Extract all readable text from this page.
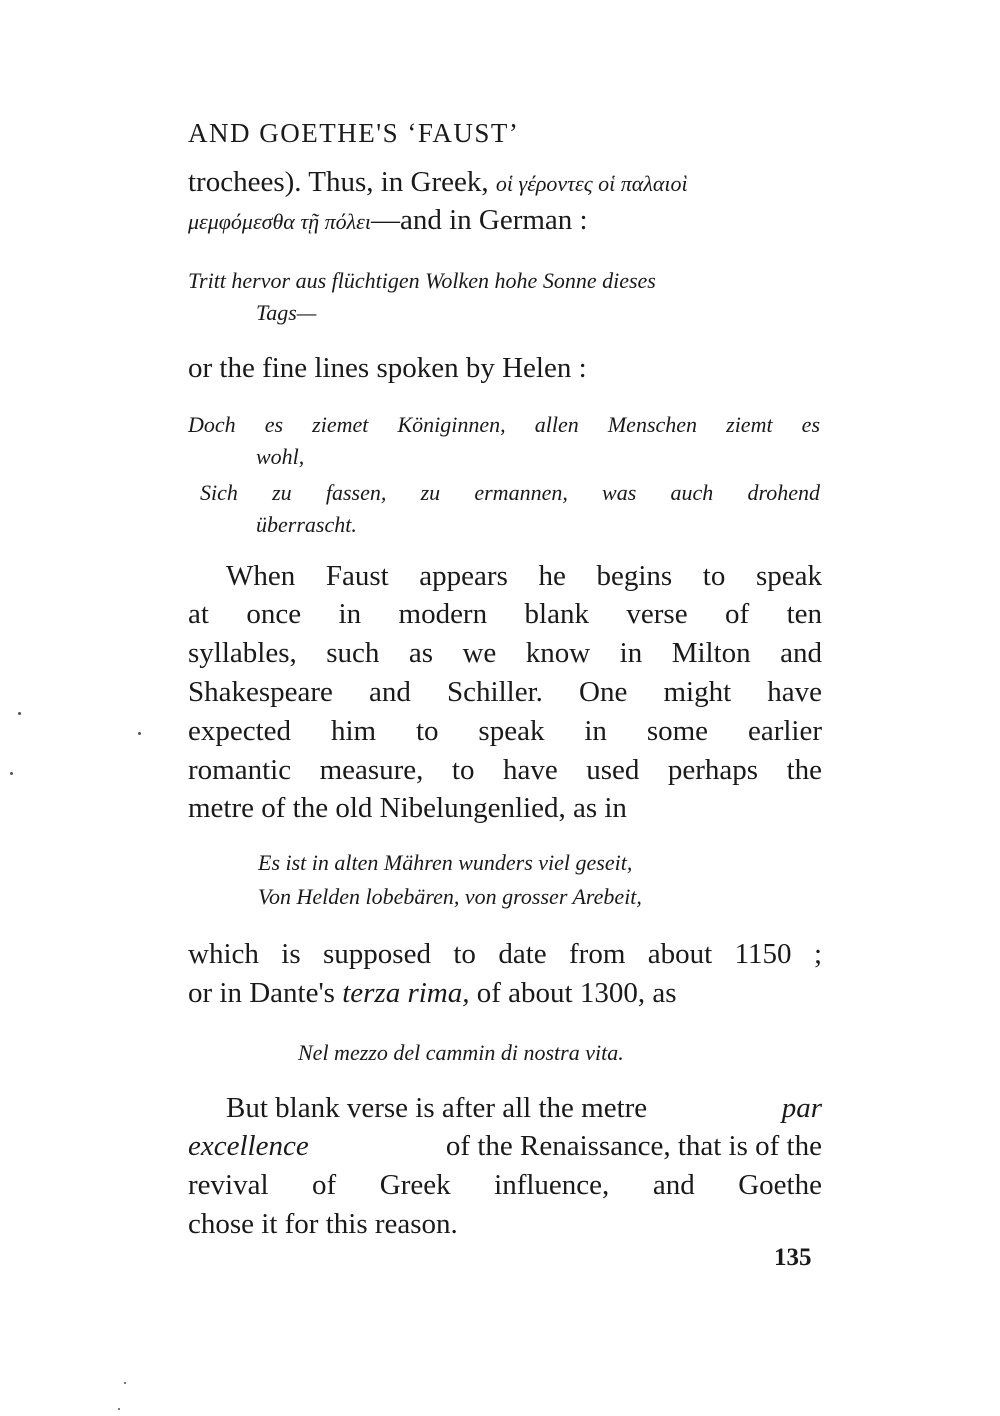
AND GOETHE'S ‘FAUST’
trochees). Thus, in Greek, οἱ γέροντες οἱ παλαιοὶ
μεμφόμεσθα τῇ πόλει—and in German :
Tritt hervor aus flüchtigen Wolken hohe Sonne dieses
Tags—
or the fine lines spoken by Helen :
Doch es ziemet Königinnen, allen Menschen ziemt es
wohl,
Sich zu fassen, zu ermannen, was auch drohend
überrascht.
When Faust appears he begins to speak
at once in modern blank verse of ten
syllables, such as we know in Milton and
Shakespeare and Schiller. One might have
expected him to speak in some earlier
romantic measure, to have used perhaps the
metre of the old Nibelungenlied, as in
Es ist in alten Mähren wunders viel geseit,
Von Helden lobebären, von grosser Arebeit,
which is supposed to date from about 1150 ;
or in Dante's terza rima, of about 1300, as
Nel mezzo del cammin di nostra vita.
But blank verse is after all the metre	par
excellence	of the Renaissance, that is of the
revival of Greek influence, and Goethe
chose it for this reason.
135
